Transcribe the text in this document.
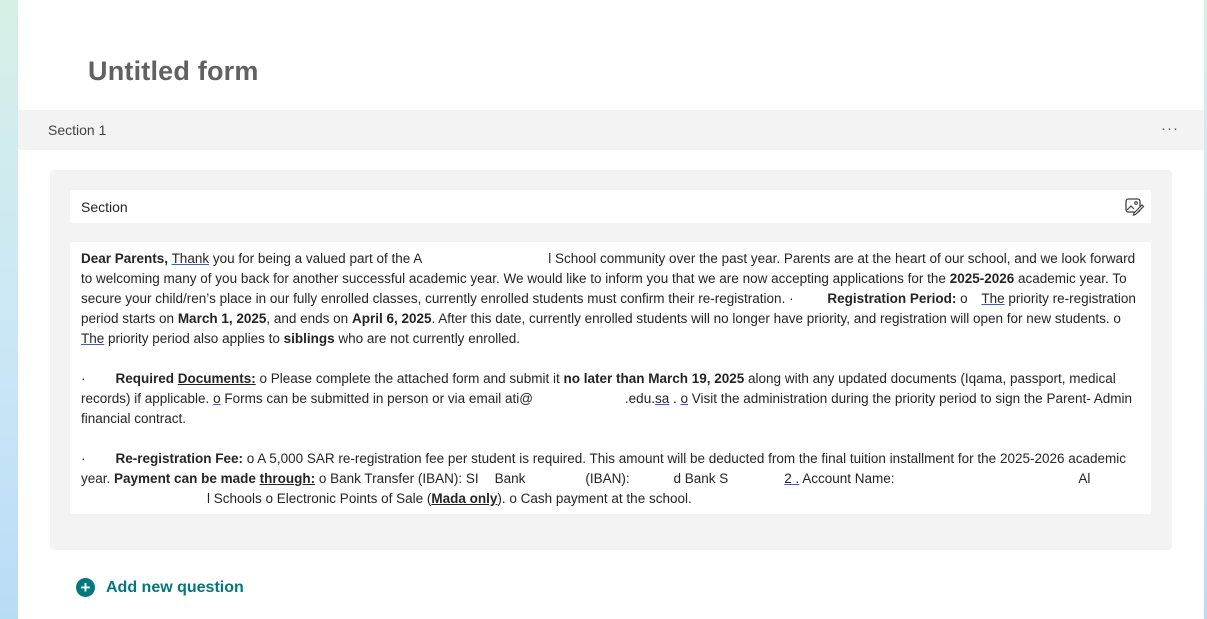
Untitled form
Section 1	···
Section

Dear Parents, Thank you for being a valued part of the A	l School community over the past year. Parents are at the heart of our school, and we look forward to welcoming many of you back for another successful academic year. We would like to inform you that we are now accepting applications for the 2025-2026 academic year. To secure your child/ren’s place in our fully enrolled classes, currently enrolled students must confirm their re-registration. ·	Registration Period: o The priority re-registration period starts on March 1, 2025, and ends on April 6, 2025. After this date, currently enrolled students will no longer have priority, and registration will open for new students. o The priority period also applies to siblings who are not currently enrolled.

· Required Documents: o Please complete the attached form and submit it no later than March 19, 2025 along with any updated documents (Iqama, passport, medical records) if applicable. o Forms can be submitted in person or via email ati@	.edu.sa . o Visit the administration during the priority period to sign the Parent- Admin financial contract.

· Re-registration Fee: o A 5,000 SAR re-registration fee per student is required. This amount will be deducted from the final tuition installment for the 2025-2026 academic year. Payment can be made through: o Bank Transfer (IBAN): SI Bank	(IBAN):	d Bank S	2 . Account Name:	All Schools o Electronic Points of Sale (Mada only). o Cash payment at the school.

+ Add new question
